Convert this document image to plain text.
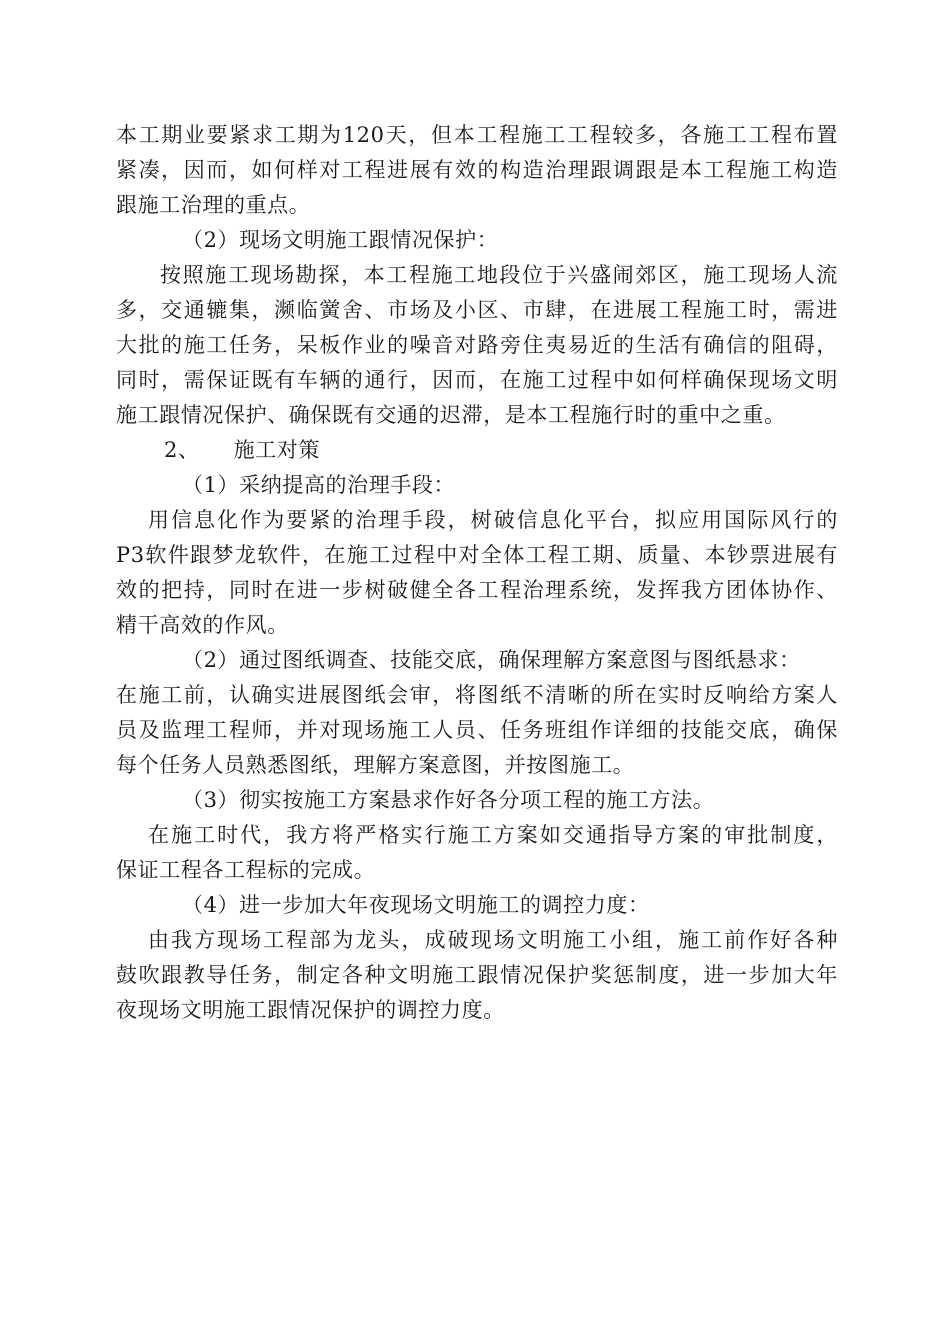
本工期业要紧求工期为120天，但本工程施工工程较多，各施工工程布置
紧凑，因而，如何样对工程进展有效的构造治理跟调跟是本工程施工构造
跟施工治理的重点。
（2）现场文明施工跟情况保护：
按照施工现场勘探，本工程施工地段位于兴盛闹郊区，施工现场人流
多，交通辘集，濒临黉舍、市场及小区、市肆，在进展工程施工时，需进
大批的施工任务，呆板作业的噪音对路旁住夷易近的生活有确信的阻碍，
同时，需保证既有车辆的通行，因而，在施工过程中如何样确保现场文明
施工跟情况保护、确保既有交通的迟滞，是本工程施行时的重中之重。
2、 施工对策
（1）采纳提高的治理手段：
用信息化作为要紧的治理手段，树破信息化平台，拟应用国际风行的
P3软件跟梦龙软件，在施工过程中对全体工程工期、质量、本钞票进展有
效的把持，同时在进一步树破健全各工程治理系统，发挥我方团体协作、
精干高效的作风。
（2）通过图纸调查、技能交底，确保理解方案意图与图纸悬求：
在施工前，认确实进展图纸会审，将图纸不清晰的所在实时反响给方案人
员及监理工程师，并对现场施工人员、任务班组作详细的技能交底，确保
每个任务人员熟悉图纸，理解方案意图，并按图施工。
（3）彻实按施工方案悬求作好各分项工程的施工方法。
在施工时代，我方将严格实行施工方案如交通指导方案的审批制度，
保证工程各工程标的完成。
（4）进一步加大年夜现场文明施工的调控力度：
由我方现场工程部为龙头，成破现场文明施工小组，施工前作好各种
鼓吹跟教导任务，制定各种文明施工跟情况保护奖惩制度，进一步加大年
夜现场文明施工跟情况保护的调控力度。
